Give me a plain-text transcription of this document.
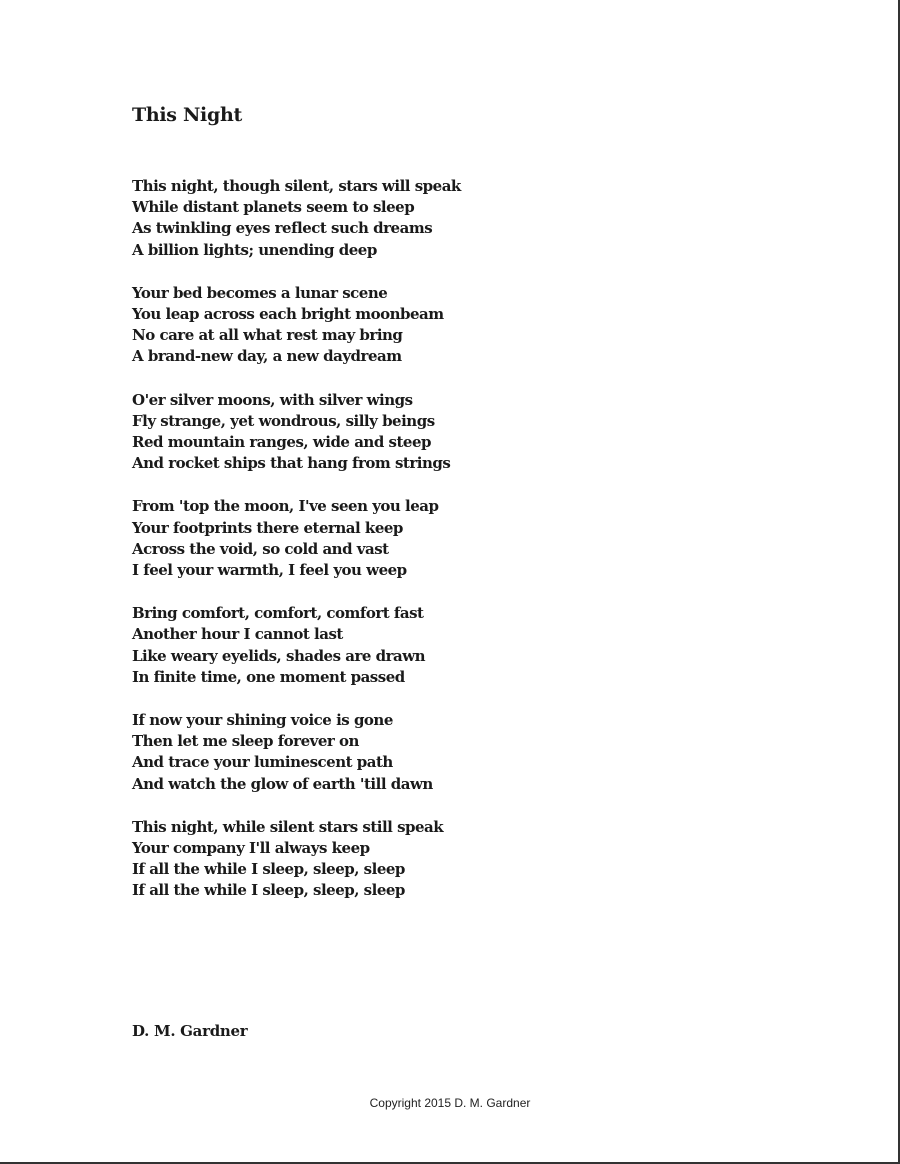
This Night
This night, though silent, stars will speak
While distant planets seem to sleep
As twinkling eyes reflect such dreams
A billion lights; unending deep
Your bed becomes a lunar scene
You leap across each bright moonbeam
No care at all what rest may bring
A brand-new day, a new daydream
O'er silver moons, with silver wings
Fly strange, yet wondrous, silly beings
Red mountain ranges, wide and steep
And rocket ships that hang from strings
From 'top the moon, I've seen you leap
Your footprints there eternal keep
Across the void, so cold and vast
I feel your warmth, I feel you weep
Bring comfort, comfort, comfort fast
Another hour I cannot last
Like weary eyelids, shades are drawn
In finite time, one moment passed
If now your shining voice is gone
Then let me sleep forever on
And trace your luminescent path
And watch the glow of earth 'till dawn
This night, while silent stars still speak
Your company I'll always keep
If all the while I sleep, sleep, sleep
If all the while I sleep, sleep, sleep

D. M. Gardner

Copyright 2015 D. M. Gardner
